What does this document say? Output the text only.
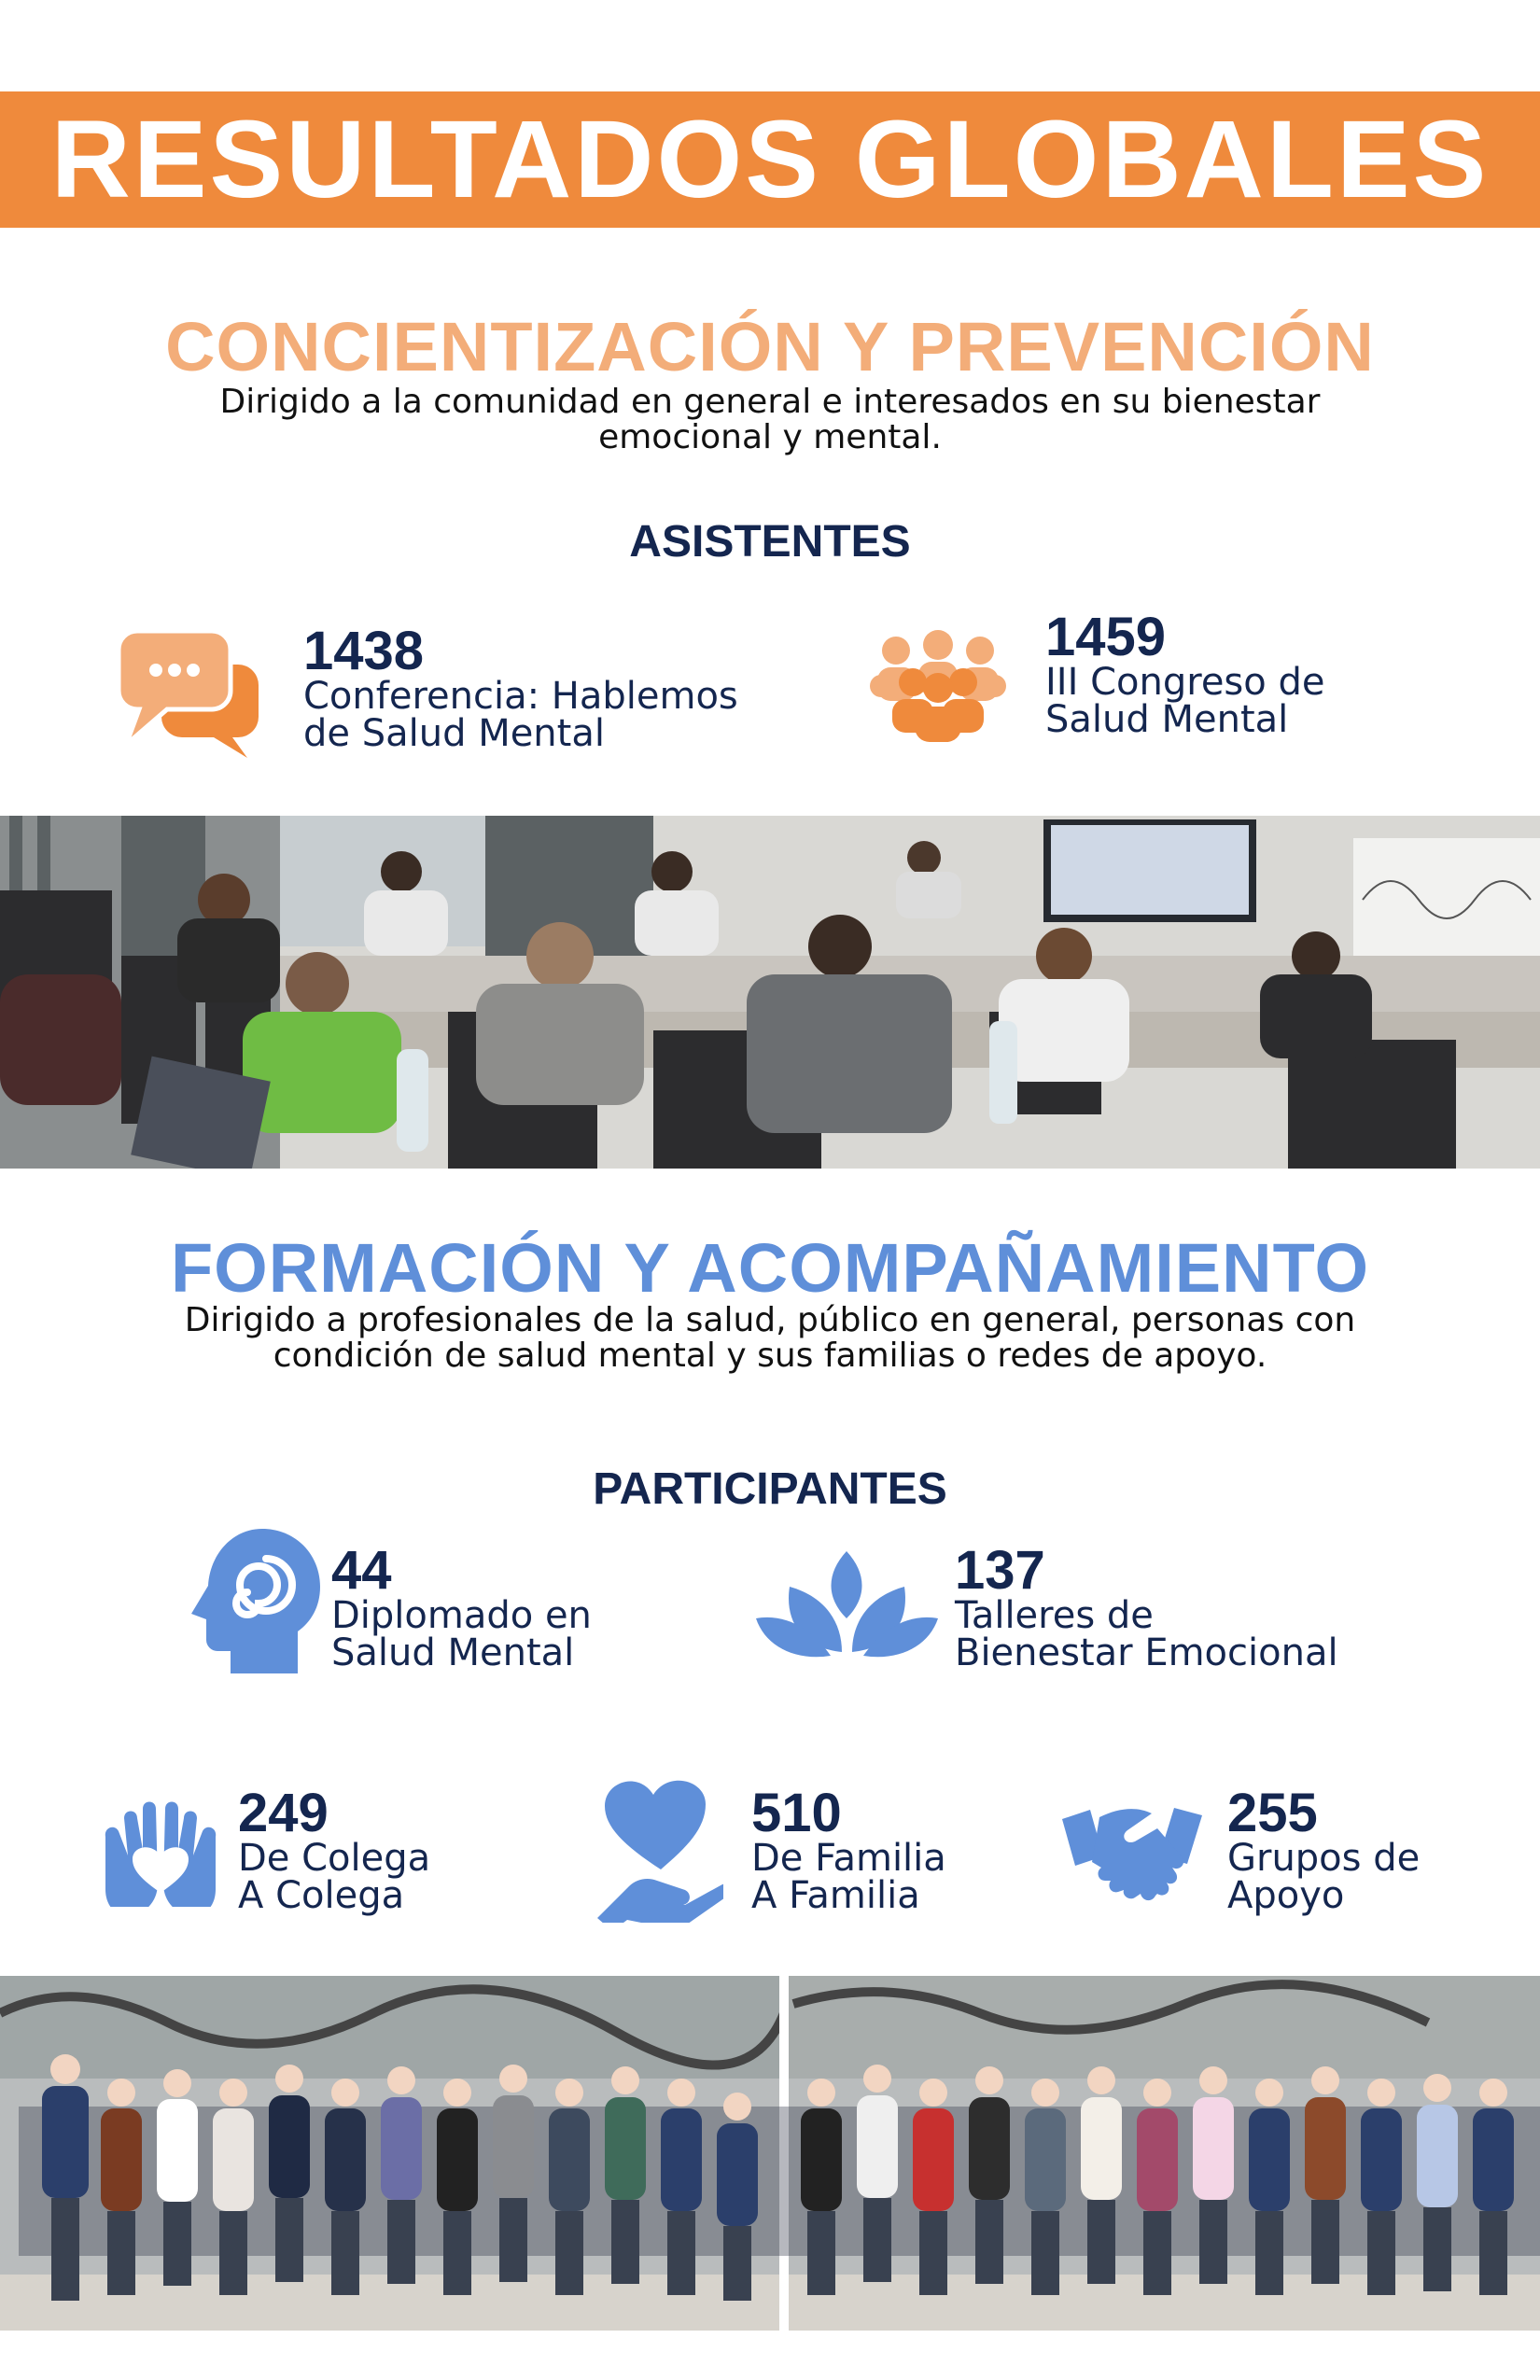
RESULTADOS GLOBALES
CONCIENTIZACIÓN Y PREVENCIÓN
Dirigido a la comunidad en general e interesados en su bienestar
emocional y mental.
ASISTENTES
1438
Conferencia: Hablemos
de Salud Mental
1459
III Congreso de
Salud Mental
FORMACIÓN Y ACOMPAÑAMIENTO
Dirigido a profesionales de la salud, público en general, personas con
condición de salud mental y sus familias o redes de apoyo.
PARTICIPANTES
44
Diplomado en
Salud Mental
137
Talleres de
Bienestar Emocional
249
De Colega
A Colega
510
De Familia
A Familia
255
Grupos de
Apoyo
